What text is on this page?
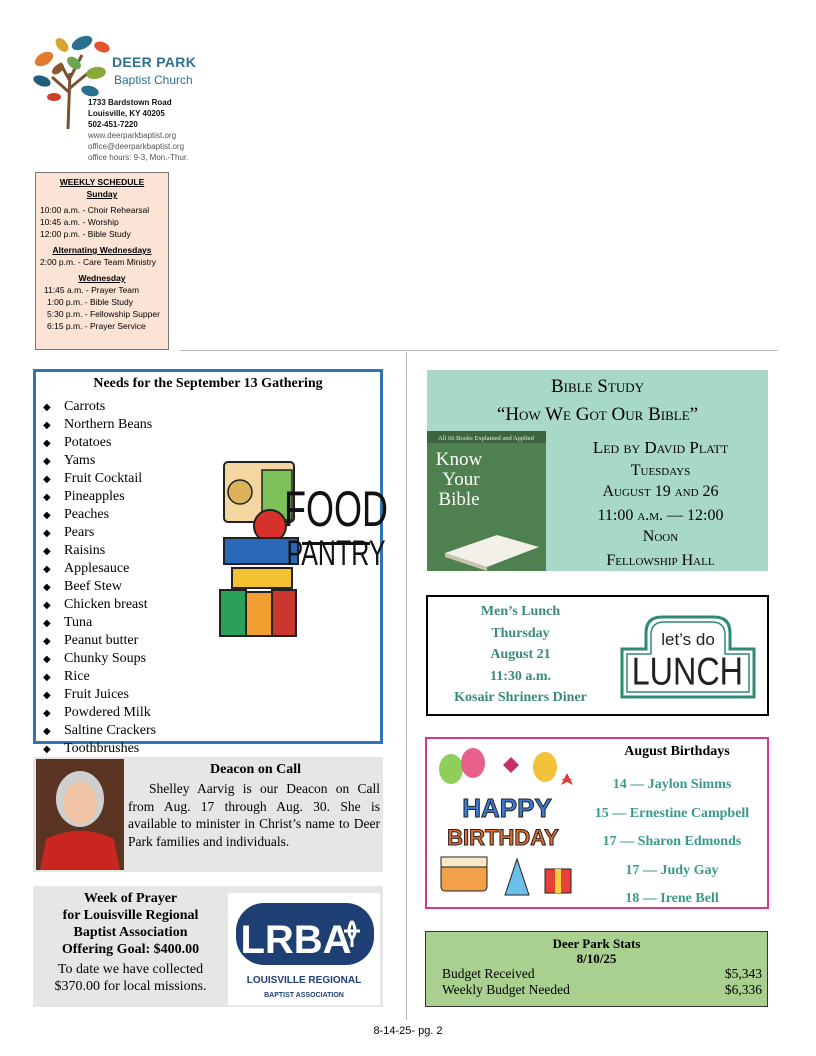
DEER PARK
Baptist Church
1733 Bardstown Road
Louisville, KY 40205
502-451-7220
www.deerparkbaptist.org
office@deerparkbaptist.org
office hours: 9-3, Mon.-Thur.
WEEKLY SCHEDULE
Sunday
10:00 a.m. - Choir Rehearsal
10:45 a.m. - Worship
12:00 p.m. - Bible Study
Alternating Wednesdays
2:00 p.m. - Care Team Ministry
Wednesday
11:45 a.m. - Prayer Team
1:00 p.m. - Bible Study
5:30 p.m. - Fellowship Supper
6:15 p.m. - Prayer Service
Needs for the September 13 Gathering
◆ Carrots
◆ Northern Beans
◆ Potatoes
◆ Yams
◆ Fruit Cocktail
◆ Pineapples
◆ Peaches
◆ Pears
◆ Raisins
◆ Applesauce
◆ Beef Stew
◆ Chicken breast
◆ Tuna
◆ Peanut butter
◆ Chunky Soups
◆ Rice
◆ Fruit Juices
◆ Powdered Milk
◆ Saltine Crackers
◆ Toothbrushes
FOOD
PANTRY
Deacon on Call
Shelley Aarvig is our Deacon on Call from Aug. 17 through Aug. 30. She is available to minister in Christ’s name to Deer Park families and individuals.
Week of Prayer
for Louisville Regional
Baptist Association
Offering Goal: $400.00
To date we have collected
$370.00 for local missions.
LRBA
LOUISVILLE REGIONAL
BAPTIST ASSOCIATION
Bible Study
“How We Got Our Bible”
All 66 Books Explained and Applied
Know
Your
Bible
Led by David Platt
Tuesdays
August 19 and 26
11:00 a.m. — 12:00
Noon
Fellowship Hall
Men’s Lunch
Thursday
August 21
11:30 a.m.
Kosair Shriners Diner
let’s do
LUNCH
HAPPY
BIRTHDAY
August Birthdays
14 — Jaylon Simms
15 — Ernestine Campbell
17 — Sharon Edmonds
17 — Judy Gay
18 — Irene Bell
Deer Park Stats
8/10/25
Budget Received	$5,343
Weekly Budget Needed	$6,336
8-14-25- pg. 2
